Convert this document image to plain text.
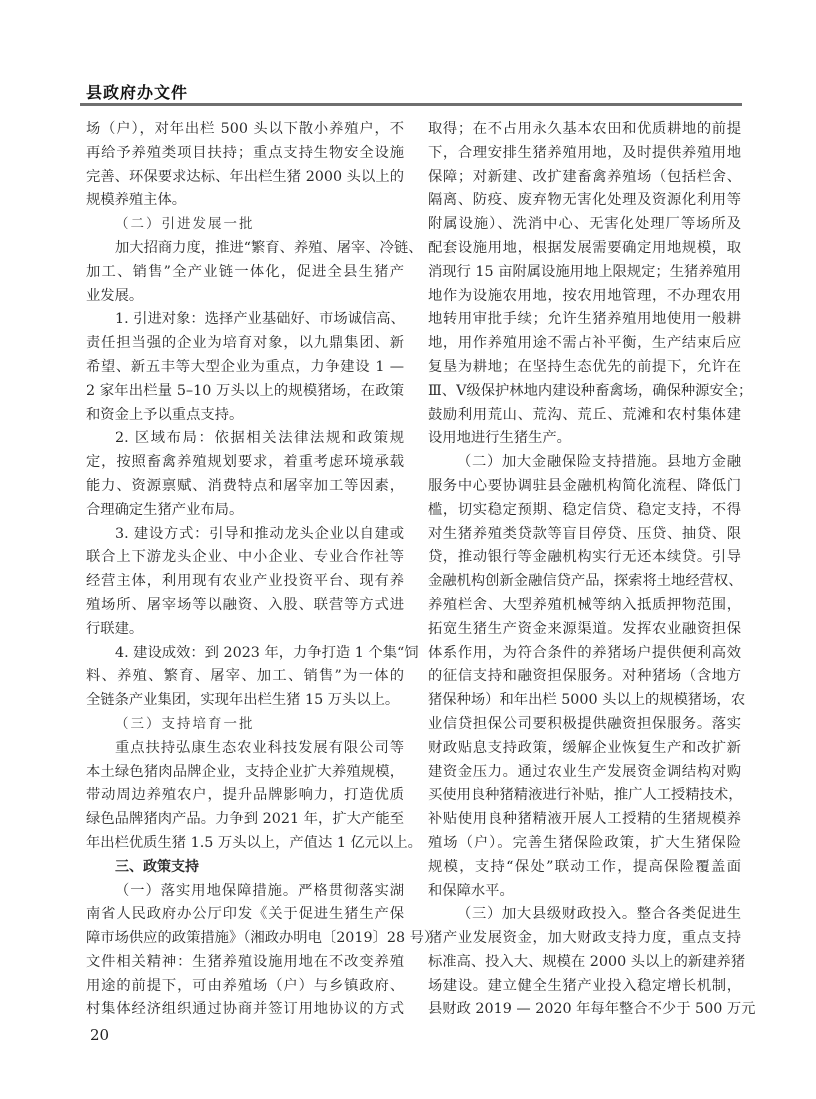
县政府办文件
场（户），对年出栏 500 头以下散小养殖户，不
再给予养殖类项目扶持；重点支持生物安全设施
完善、环保要求达标、年出栏生猪 2000 头以上的
规模养殖主体。
（二）引进发展一批
加大招商力度，推进“繁育、养殖、屠宰、冷链、
加工、销售”全产业链一体化，促进全县生猪产
业发展。
1. 引进对象：选择产业基础好、市场诚信高、
责任担当强的企业为培育对象，以九鼎集团、新
希望、新五丰等大型企业为重点，力争建设 1 —
2 家年出栏量 5–10 万头以上的规模猪场，在政策
和资金上予以重点支持。
2. 区域布局：依据相关法律法规和政策规
定，按照畜禽养殖规划要求，着重考虑环境承载
能力、资源禀赋、消费特点和屠宰加工等因素，
合理确定生猪产业布局。
3. 建设方式：引导和推动龙头企业以自建或
联合上下游龙头企业、中小企业、专业合作社等
经营主体，利用现有农业产业投资平台、现有养
殖场所、屠宰场等以融资、入股、联营等方式进
行联建。
4. 建设成效：到 2023 年，力争打造 1 个集“饲
料、养殖、繁育、屠宰、加工、销售”为一体的
全链条产业集团，实现年出栏生猪 15 万头以上。
（三）支持培育一批
重点扶持弘康生态农业科技发展有限公司等
本土绿色猪肉品牌企业，支持企业扩大养殖规模，
带动周边养殖农户，提升品牌影响力，打造优质
绿色品牌猪肉产品。力争到 2021 年，扩大产能至
年出栏优质生猪 1.5 万头以上，产值达 1 亿元以上。
三、政策支持
（一）落实用地保障措施。严格贯彻落实湖
南省人民政府办公厅印发《关于促进生猪生产保
障市场供应的政策措施》（湘政办明电〔2019〕28 号）
文件相关精神：生猪养殖设施用地在不改变养殖
用途的前提下，可由养殖场（户）与乡镇政府、
村集体经济组织通过协商并签订用地协议的方式
取得；在不占用永久基本农田和优质耕地的前提
下，合理安排生猪养殖用地，及时提供养殖用地
保障；对新建、改扩建畜禽养殖场（包括栏舍、
隔离、防疫、废弃物无害化处理及资源化利用等
附属设施）、洗消中心、无害化处理厂等场所及
配套设施用地，根据发展需要确定用地规模，取
消现行 15 亩附属设施用地上限规定；生猪养殖用
地作为设施农用地，按农用地管理，不办理农用
地转用审批手续；允许生猪养殖用地使用一般耕
地，用作养殖用途不需占补平衡，生产结束后应
复垦为耕地；在坚持生态优先的前提下，允许在
Ⅲ、Ⅴ级保护林地内建设种畜禽场，确保种源安全；
鼓励利用荒山、荒沟、荒丘、荒滩和农村集体建
设用地进行生猪生产。
（二）加大金融保险支持措施。县地方金融
服务中心要协调驻县金融机构简化流程、降低门
槛，切实稳定预期、稳定信贷、稳定支持，不得
对生猪养殖类贷款等盲目停贷、压贷、抽贷、限
贷，推动银行等金融机构实行无还本续贷。引导
金融机构创新金融信贷产品，探索将土地经营权、
养殖栏舍、大型养殖机械等纳入抵质押物范围，
拓宽生猪生产资金来源渠道。发挥农业融资担保
体系作用，为符合条件的养猪场户提供便利高效
的征信支持和融资担保服务。对种猪场（含地方
猪保种场）和年出栏 5000 头以上的规模猪场，农
业信贷担保公司要积极提供融资担保服务。落实
财政贴息支持政策，缓解企业恢复生产和改扩新
建资金压力。通过农业生产发展资金调结构对购
买使用良种猪精液进行补贴，推广人工授精技术，
补贴使用良种猪精液开展人工授精的生猪规模养
殖场（户）。完善生猪保险政策，扩大生猪保险
规模，支持“保处”联动工作，提高保险覆盖面
和保障水平。
（三）加大县级财政投入。整合各类促进生
猪产业发展资金，加大财政支持力度，重点支持
标准高、投入大、规模在 2000 头以上的新建养猪
场建设。建立健全生猪产业投入稳定增长机制，
县财政 2019 — 2020 年每年整合不少于 500 万元
20
